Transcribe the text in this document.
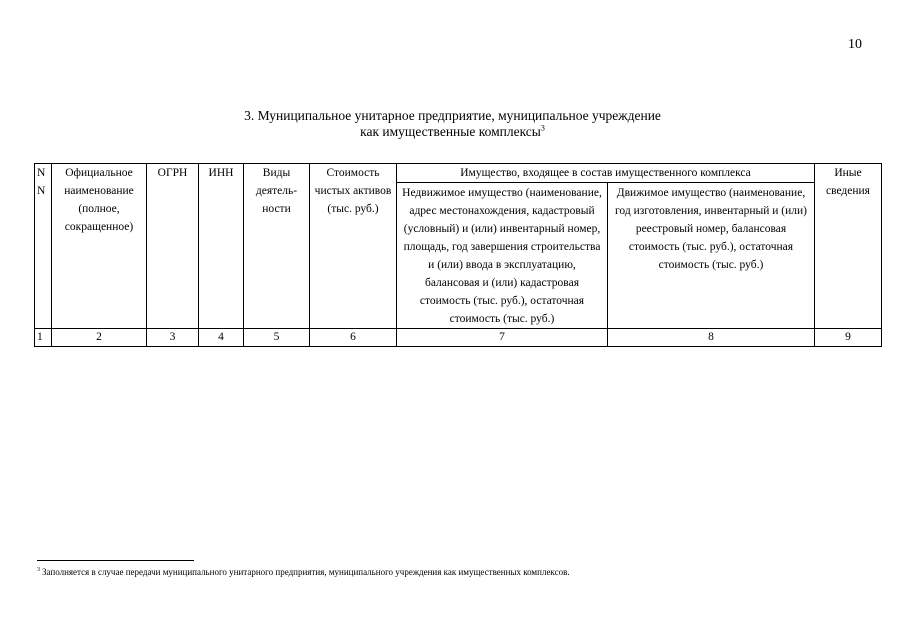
10
3. Муниципальное унитарное предприятие, муниципальное учреждение
как имущественные комплексы$^3$
N N	Официальное наименование (полное, сокращенное)	ОГРН	ИНН	Виды деятель- ности	Стоимость чистых активов (тыс. руб.)	Имущество, входящее в состав имущественного комплекса		Иные сведения
						Недвижимое имущество (наименование, адрес местонахождения, кадастровый (условный) и (или) инвентарный номер, площадь, год завершения строительства и (или) ввода в эксплуатацию, балансовая и (или) кадастровая стоимость (тыс. руб.), остаточная стоимость (тыс. руб.)	Движимое имущество (наименование, год изготовления, инвентарный и (или) реестровый номер, балансовая стоимость (тыс. руб.), остаточная стоимость (тыс. руб.)	
1	2	3	4	5	6	7	8	9
$^3$ Заполняется в случае передачи муниципального унитарного предприятия, муниципального учреждения как имущественных комплексов.
